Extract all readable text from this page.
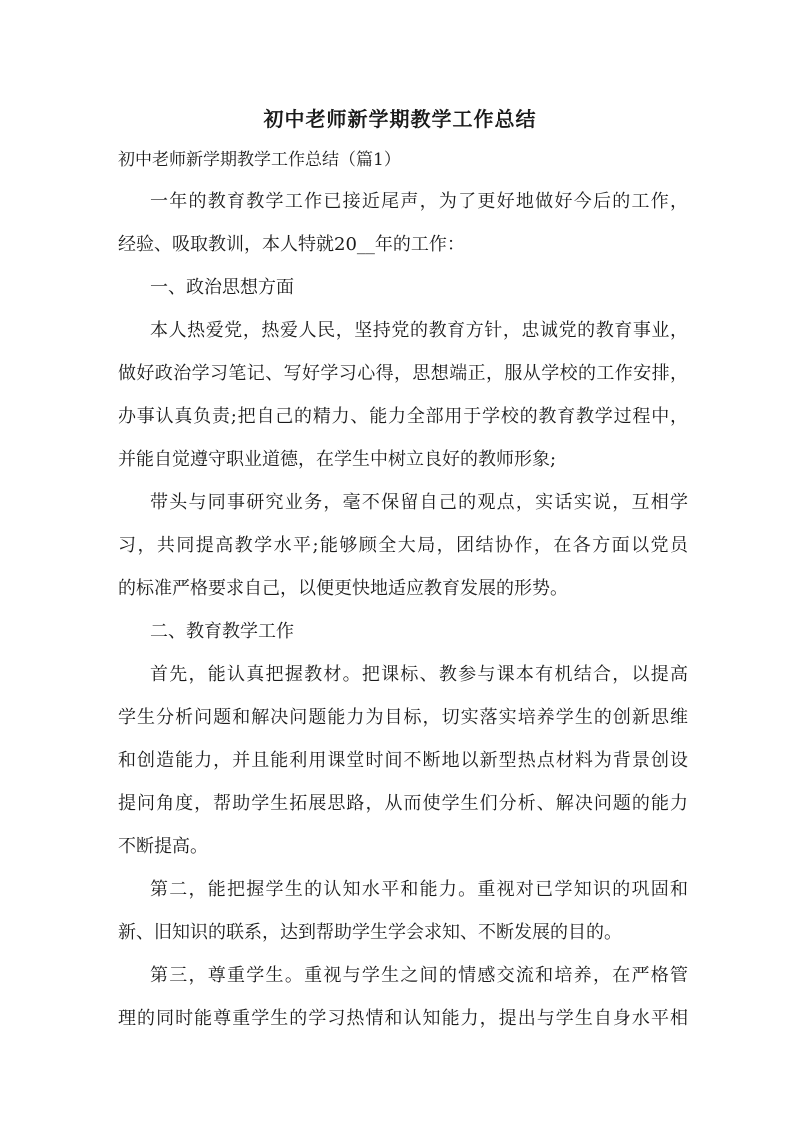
初中老师新学期教学工作总结
初中老师新学期教学工作总结（篇1）
一年的教育教学工作已接近尾声，为了更好地做好今后的工作，
经验、吸取教训，本人特就20__年的工作：
一、政治思想方面
本人热爱党，热爱人民，坚持党的教育方针，忠诚党的教育事业，
做好政治学习笔记、写好学习心得，思想端正，服从学校的工作安排，
办事认真负责;把自己的精力、能力全部用于学校的教育教学过程中，
并能自觉遵守职业道德，在学生中树立良好的教师形象;
带头与同事研究业务，毫不保留自己的观点，实话实说，互相学
习，共同提高教学水平;能够顾全大局，团结协作，在各方面以党员
的标准严格要求自己，以便更快地适应教育发展的形势。
二、教育教学工作
首先，能认真把握教材。把课标、教参与课本有机结合，以提高
学生分析问题和解决问题能力为目标，切实落实培养学生的创新思维
和创造能力，并且能利用课堂时间不断地以新型热点材料为背景创设
提问角度，帮助学生拓展思路，从而使学生们分析、解决问题的能力
不断提高。
第二，能把握学生的认知水平和能力。重视对已学知识的巩固和
新、旧知识的联系，达到帮助学生学会求知、不断发展的目的。
第三，尊重学生。重视与学生之间的情感交流和培养，在严格管
理的同时能尊重学生的学习热情和认知能力，提出与学生自身水平相
